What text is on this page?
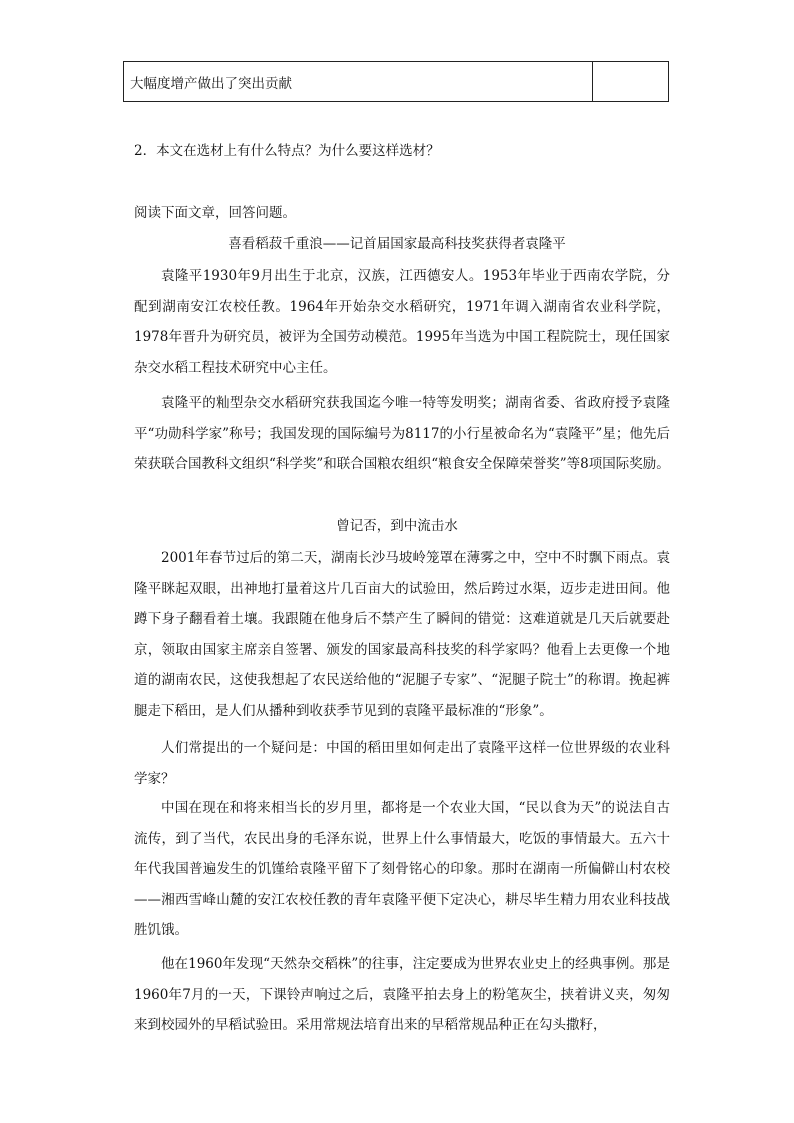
大幅度增产做出了突出贡献	
2．本文在选材上有什么特点？为什么要这样选材？
阅读下面文章，回答问题。
喜看稻菽千重浪——记首届国家最高科技奖获得者袁隆平

袁隆平1930年9月出生于北京，汉族，江西德安人。1953年毕业于西南农学院，分配到湖南安江农校任教。1964年开始杂交水稻研究，1971年调入湖南省农业科学院，1978年晋升为研究员，被评为全国劳动模范。1995年当选为中国工程院院士，现任国家杂交水稻工程技术研究中心主任。

袁隆平的籼型杂交水稻研究获我国迄今唯一特等发明奖；湖南省委、省政府授予袁隆平“功勋科学家”称号；我国发现的国际编号为8117的小行星被命名为“袁隆平”星；他先后荣获联合国教科文组织“科学奖”和联合国粮农组织“粮食安全保障荣誉奖”等8项国际奖励。

曾记否，到中流击水

2001年春节过后的第二天，湖南长沙马坡岭笼罩在薄雾之中，空中不时飘下雨点。袁隆平眯起双眼，出神地打量着这片几百亩大的试验田，然后跨过水渠，迈步走进田间。他蹲下身子翻看着土壤。我跟随在他身后不禁产生了瞬间的错觉：这难道就是几天后就要赴京，领取由国家主席亲自签署、颁发的国家最高科技奖的科学家吗？他看上去更像一个地道的湖南农民，这使我想起了农民送给他的“泥腿子专家”、“泥腿子院士”的称谓。挽起裤腿走下稻田，是人们从播种到收获季节见到的袁隆平最标准的“形象”。

人们常提出的一个疑问是：中国的稻田里如何走出了袁隆平这样一位世界级的农业科学家？

中国在现在和将来相当长的岁月里，都将是一个农业大国，“民以食为天”的说法自古流传，到了当代，农民出身的毛泽东说，世界上什么事情最大，吃饭的事情最大。五六十年代我国普遍发生的饥馑给袁隆平留下了刻骨铭心的印象。那时在湖南一所偏僻山村农校——湘西雪峰山麓的安江农校任教的青年袁隆平便下定决心，耕尽毕生精力用农业科技战胜饥饿。

他在1960年发现“天然杂交稻株”的往事，注定要成为世界农业史上的经典事例。那是1960年7月的一天，下课铃声响过之后，袁隆平拍去身上的粉笔灰尘，挟着讲义夹，匆匆来到校园外的早稻试验田。采用常规法培育出来的早稻常规品种正在勾头撒籽，
